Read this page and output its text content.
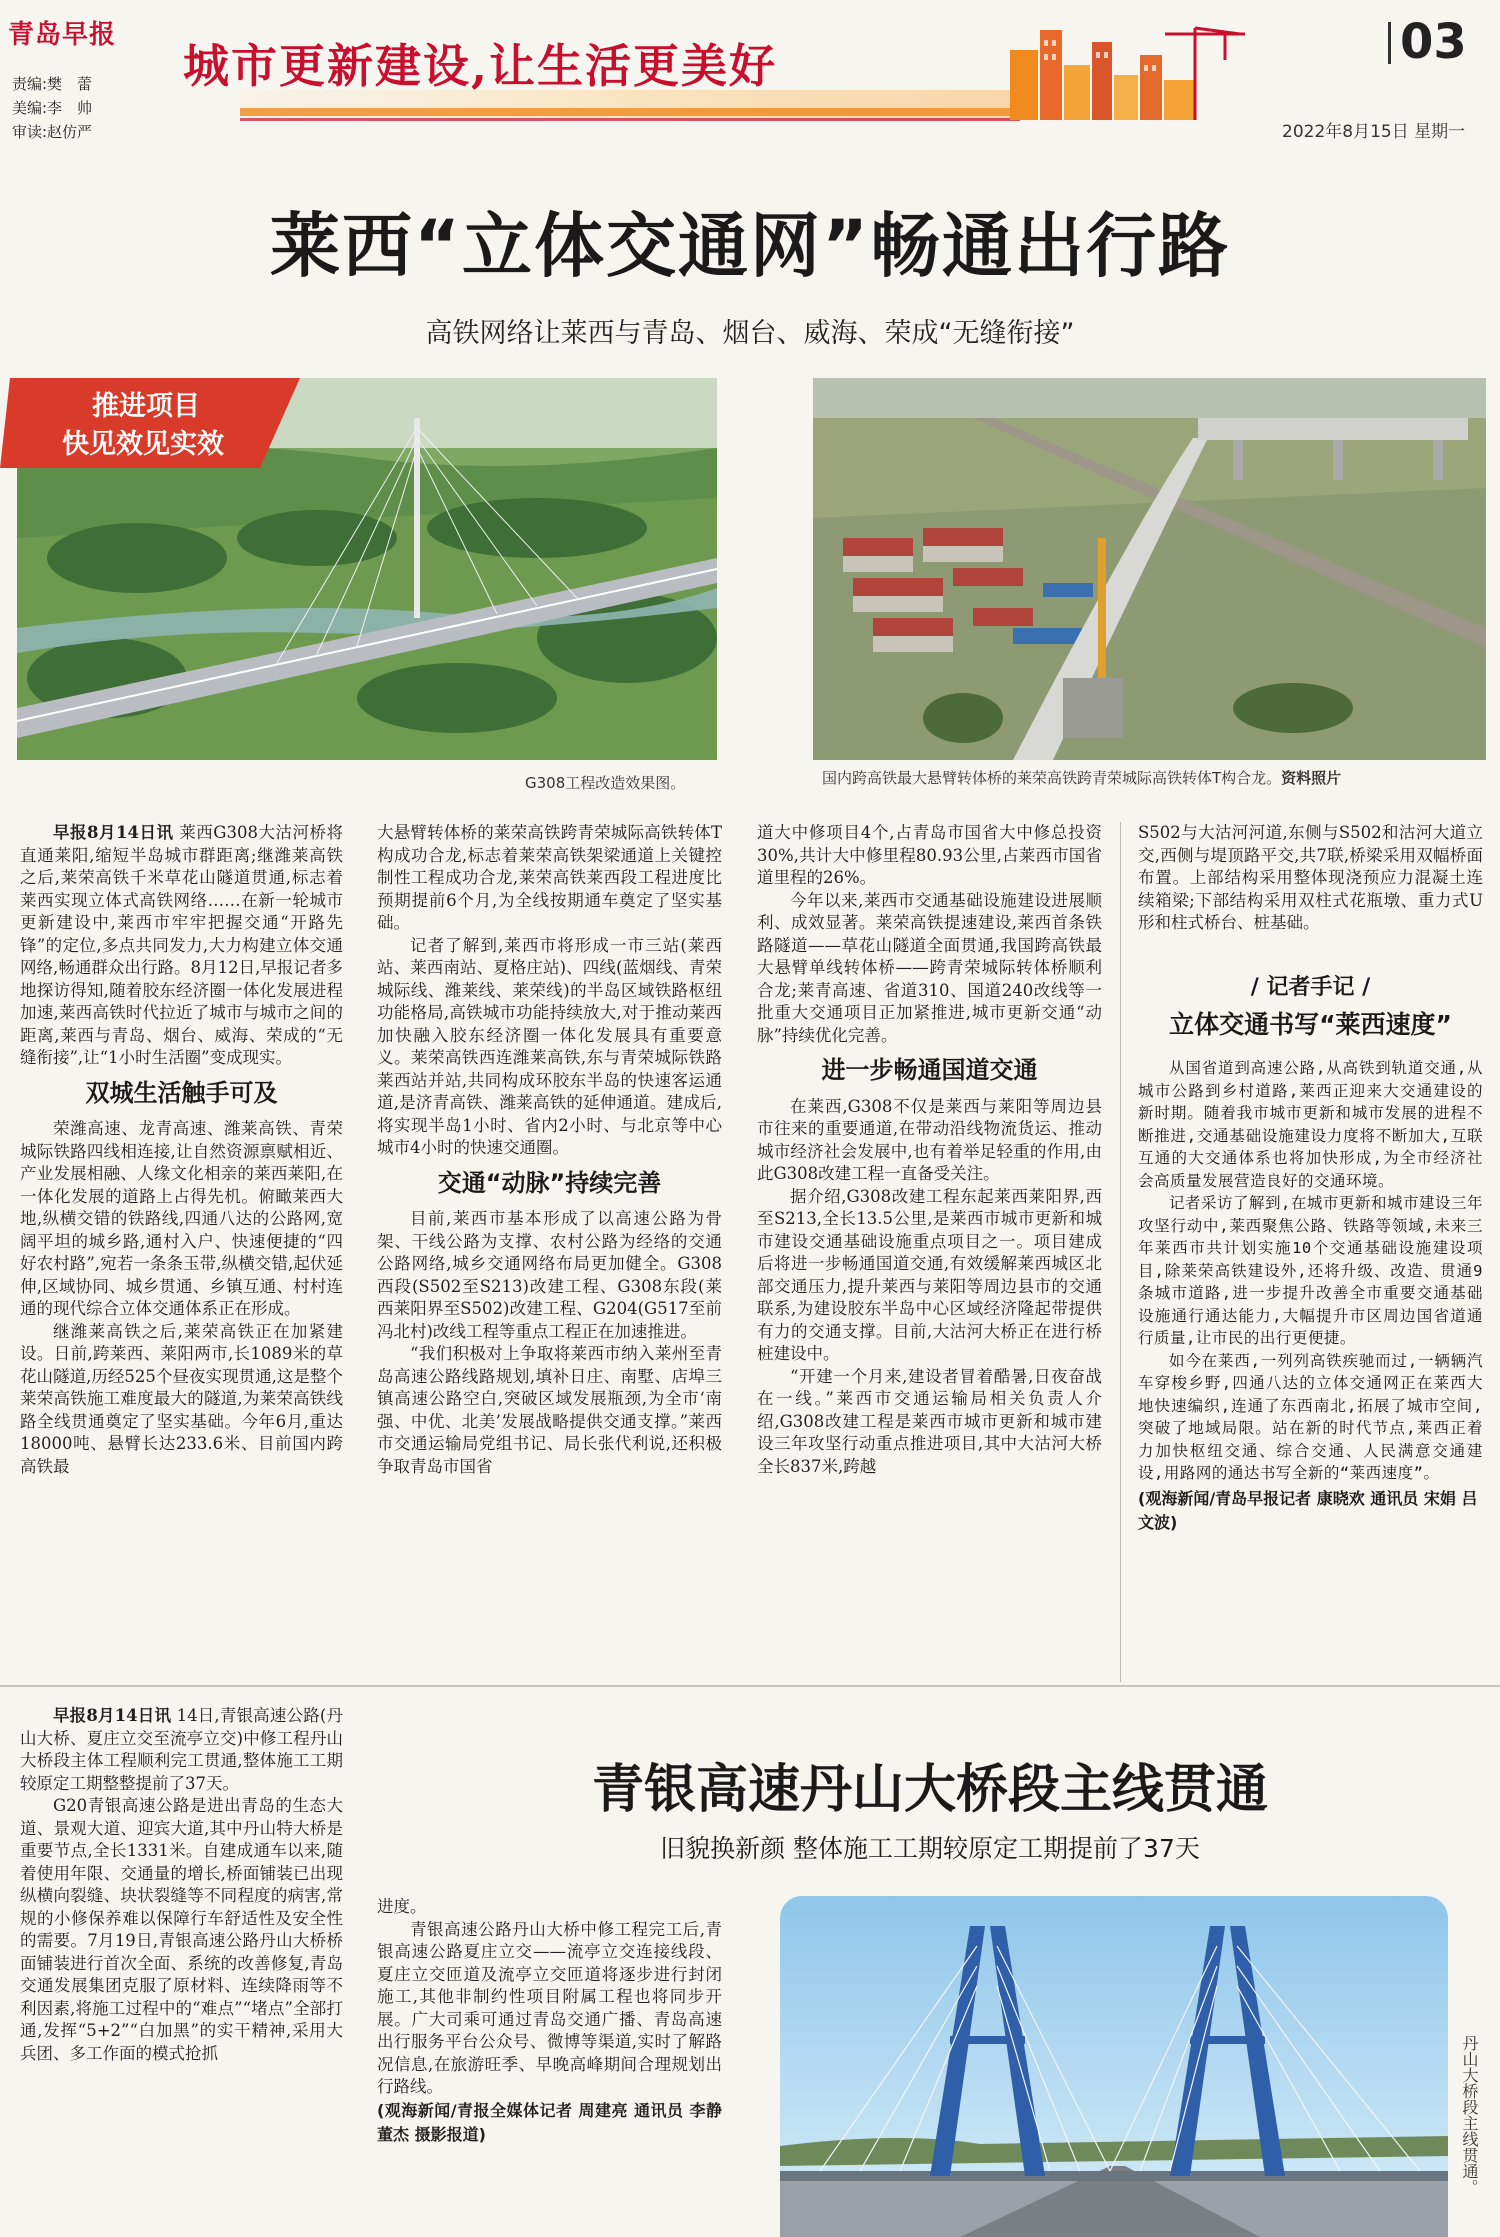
青岛早报
责编:樊　蕾
美编:李　帅
审读:赵仿严
城市更新建设,让生活更美好	03
2022年8月15日 星期一
莱西“立体交通网”畅通出行路
高铁网络让莱西与青岛、烟台、威海、荣成“无缝衔接”
推进项目
快见效见实效
G308工程改造效果图。	国内跨高铁最大悬臂转体桥的莱荣高铁跨青荣城际高铁转体T构合龙。资料照片

早报8月14日讯 莱西G308大沽河桥将直通莱阳,缩短半岛城市群距离;继潍莱高铁之后,莱荣高铁千米草花山隧道贯通,标志着莱西实现立体式高铁网络……在新一轮城市更新建设中,莱西市牢牢把握交通“开路先锋”的定位,多点共同发力,大力构建立体交通网络,畅通群众出行路。8月12日,早报记者多地探访得知,随着胶东经济圈一体化发展进程加速,莱西高铁时代拉近了城市与城市之间的距离,莱西与青岛、烟台、威海、荣成的“无缝衔接”,让“1小时生活圈”变成现实。

双城生活触手可及

荣潍高速、龙青高速、潍莱高铁、青荣城际铁路四线相连接,让自然资源禀赋相近、产业发展相融、人缘文化相亲的莱西莱阳,在一体化发展的道路上占得先机。俯瞰莱西大地,纵横交错的铁路线,四通八达的公路网,宽阔平坦的城乡路,通村入户、快速便捷的“四好农村路”,宛若一条条玉带,纵横交错,起伏延伸,区域协同、城乡贯通、乡镇互通、村村连通的现代综合立体交通体系正在形成。

继潍莱高铁之后,莱荣高铁正在加紧建设。日前,跨莱西、莱阳两市,长1089米的草花山隧道,历经525个昼夜实现贯通,这是整个莱荣高铁施工难度最大的隧道,为莱荣高铁线路全线贯通奠定了坚实基础。今年6月,重达18000吨、悬臂长达233.6米、目前国内跨高铁最

大悬臂转体桥的莱荣高铁跨青荣城际高铁转体T构成功合龙,标志着莱荣高铁架梁通道上关键控制性工程成功合龙,莱荣高铁莱西段工程进度比预期提前6个月,为全线按期通车奠定了坚实基础。

记者了解到,莱西市将形成一市三站(莱西站、莱西南站、夏格庄站)、四线(蓝烟线、青荣城际线、潍莱线、莱荣线)的半岛区域铁路枢纽功能格局,高铁城市功能持续放大,对于推动莱西加快融入胶东经济圈一体化发展具有重要意义。莱荣高铁西连潍莱高铁,东与青荣城际铁路莱西站并站,共同构成环胶东半岛的快速客运通道,是济青高铁、潍莱高铁的延伸通道。建成后,将实现半岛1小时、省内2小时、与北京等中心城市4小时的快速交通圈。

交通“动脉”持续完善

目前,莱西市基本形成了以高速公路为骨架、干线公路为支撑、农村公路为经络的交通公路网络,城乡交通网络布局更加健全。G308西段(S502至S213)改建工程、G308东段(莱西莱阳界至S502)改建工程、G204(G517至前冯北村)改线工程等重点工程正在加速推进。

“我们积极对上争取将莱西市纳入莱州至青岛高速公路线路规划,填补日庄、南墅、店埠三镇高速公路空白,突破区域发展瓶颈,为全市‘南强、中优、北美’发展战略提供交通支撑。”莱西市交通运输局党组书记、局长张代利说,还积极争取青岛市国省

道大中修项目4个,占青岛市国省大中修总投资30%,共计大中修里程80.93公里,占莱西市国省道里程的26%。

今年以来,莱西市交通基础设施建设进展顺利、成效显著。莱荣高铁提速建设,莱西首条铁路隧道——草花山隧道全面贯通,我国跨高铁最大悬臂单线转体桥——跨青荣城际转体桥顺利合龙;莱青高速、省道310、国道240改线等一批重大交通项目正加紧推进,城市更新交通“动脉”持续优化完善。

进一步畅通国道交通

在莱西,G308不仅是莱西与莱阳等周边县市往来的重要通道,在带动沿线物流货运、推动城市经济社会发展中,也有着举足轻重的作用,由此G308改建工程一直备受关注。

据介绍,G308改建工程东起莱西莱阳界,西至S213,全长13.5公里,是莱西市城市更新和城市建设交通基础设施重点项目之一。项目建成后将进一步畅通国道交通,有效缓解莱西城区北部交通压力,提升莱西与莱阳等周边县市的交通联系,为建设胶东半岛中心区域经济隆起带提供有力的交通支撑。目前,大沽河大桥正在进行桥桩建设中。

“开建一个月来,建设者冒着酷暑,日夜奋战在一线。”莱西市交通运输局相关负责人介绍,G308改建工程是莱西市城市更新和城市建设三年攻坚行动重点推进项目,其中大沽河大桥全长837米,跨越

S502与大沽河河道,东侧与S502和沽河大道立交,西侧与堤顶路平交,共7联,桥梁采用双幅桥面布置。上部结构采用整体现浇预应力混凝土连续箱梁;下部结构采用双柱式花瓶墩、重力式U形和柱式桥台、桩基础。

/ 记者手记 /
立体交通书写“莱西速度”

从国省道到高速公路,从高铁到轨道交通,从城市公路到乡村道路,莱西正迎来大交通建设的新时期。随着我市城市更新和城市发展的进程不断推进,交通基础设施建设力度将不断加大,互联互通的大交通体系也将加快形成,为全市经济社会高质量发展营造良好的交通环境。

记者采访了解到,在城市更新和城市建设三年攻坚行动中,莱西聚焦公路、铁路等领域,未来三年莱西市共计划实施10个交通基础设施建设项目,除莱荣高铁建设外,还将升级、改造、贯通9条城市道路,进一步提升改善全市重要交通基础设施通行通达能力,大幅提升市区周边国省道通行质量,让市民的出行更便捷。

如今在莱西,一列列高铁疾驰而过,一辆辆汽车穿梭乡野,四通八达的立体交通网正在莱西大地快速编织,连通了东西南北,拓展了城市空间,突破了地域局限。站在新的时代节点,莱西正着力加快枢纽交通、综合交通、人民满意交通建设,用路网的通达书写全新的“莱西速度”。

(观海新闻/青岛早报记者 康晓欢 通讯员 宋娟 吕文波)

早报8月14日讯 14日,青银高速公路(丹山大桥、夏庄立交至流亭立交)中修工程丹山大桥段主体工程顺利完工贯通,整体施工工期较原定工期整整提前了37天。

G20青银高速公路是进出青岛的生态大道、景观大道、迎宾大道,其中丹山特大桥是重要节点,全长1331米。自建成通车以来,随着使用年限、交通量的增长,桥面铺装已出现纵横向裂缝、块状裂缝等不同程度的病害,常规的小修保养难以保障行车舒适性及安全性的需要。7月19日,青银高速公路丹山大桥桥面铺装进行首次全面、系统的改善修复,青岛交通发展集团克服了原材料、连续降雨等不利因素,将施工过程中的“难点”“堵点”全部打通,发挥“5+2”“白加黑”的实干精神,采用大兵团、多工作面的模式抢抓

青银高速丹山大桥段主线贯通
旧貌换新颜 整体施工工期较原定工期提前了37天

进度。

青银高速公路丹山大桥中修工程完工后,青银高速公路夏庄立交——流亭立交连接线段、夏庄立交匝道及流亭立交匝道将逐步进行封闭施工,其他非制约性项目附属工程也将同步开展。广大司乘可通过青岛交通广播、青岛高速出行服务平台公众号、微博等渠道,实时了解路况信息,在旅游旺季、早晚高峰期间合理规划出行路线。

(观海新闻/青报全媒体记者 周建亮 通讯员 李静 董杰 摄影报道)	丹山大桥段主线贯通。
